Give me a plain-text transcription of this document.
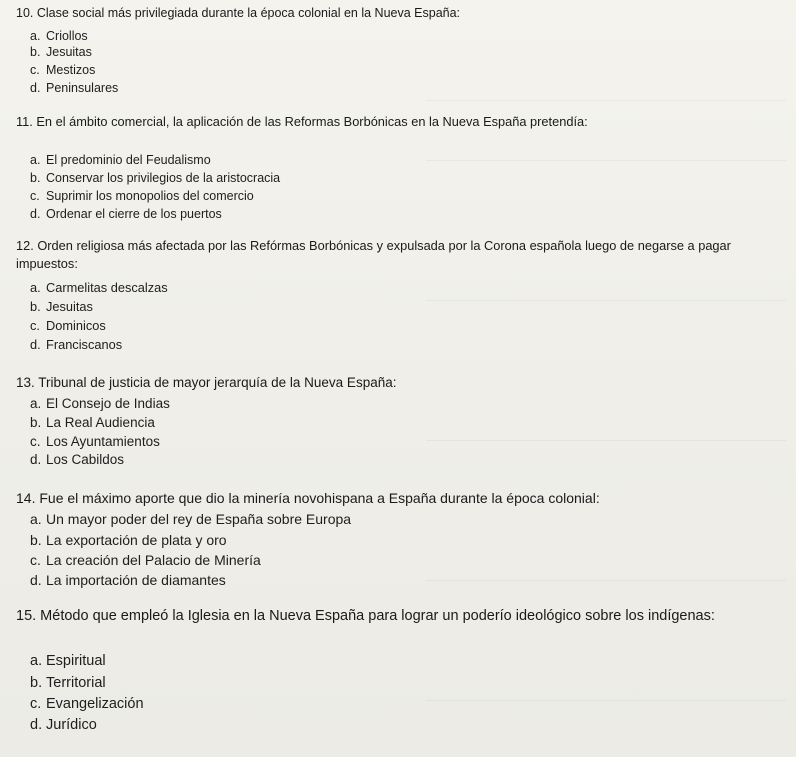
10. Clase social más privilegiada durante la época colonial en la Nueva España:

a. Criollos
b. Jesuitas
c. Mestizos
d. Peninsulares

11. En el ámbito comercial, la aplicación de las Reformas Borbónicas en la Nueva España pretendía:

a. El predominio del Feudalismo
b. Conservar los privilegios de la aristocracia
c. Suprimir los monopolios del comercio
d. Ordenar el cierre de los puertos

12. Orden religiosa más afectada por las Refórmas Borbónicas y expulsada por la Corona española luego de negarse a pagar impuestos:

a. Carmelitas descalzas
b. Jesuitas
c. Dominicos
d. Franciscanos

13. Tribunal de justicia de mayor jerarquía de la Nueva España:

a. El Consejo de Indias
b. La Real Audiencia
c. Los Ayuntamientos
d. Los Cabildos

14. Fue el máximo aporte que dio la minería novohispana a España durante la época colonial:

a. Un mayor poder del rey de España sobre Europa
b. La exportación de plata y oro
c. La creación del Palacio de Minería
d. La importación de diamantes

15. Método que empleó la Iglesia en la Nueva España para lograr un poderío ideológico sobre los indígenas:

a. Espiritual
b. Territorial
c. Evangelización
d. Jurídico
